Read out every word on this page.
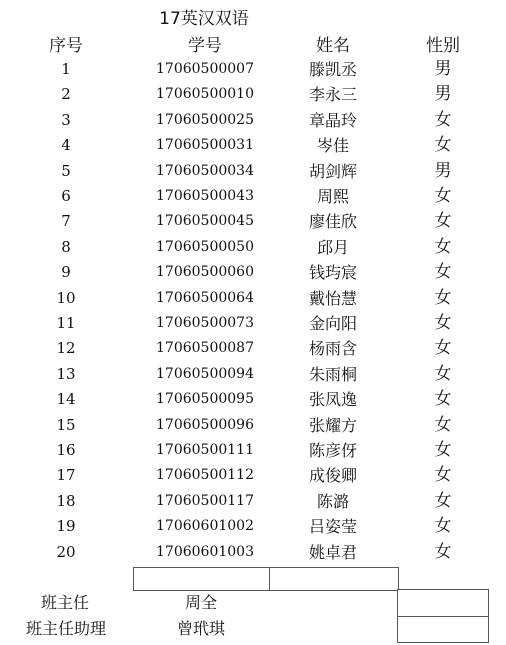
17英汉双语
序号	学号	姓名	性别
1	17060500007	滕凯丞	男
2	17060500010	李永三	男
3	17060500025	章晶玲	女
4	17060500031	岑佳	女
5	17060500034	胡剑辉	男
6	17060500043	周熙	女
7	17060500045	廖佳欣	女
8	17060500050	邱月	女
9	17060500060	钱玙宸	女
10	17060500064	戴怡慧	女
11	17060500073	金向阳	女
12	17060500087	杨雨含	女
13	17060500094	朱雨桐	女
14	17060500095	张凤逸	女
15	17060500096	张耀方	女
16	17060500111	陈彦伢	女
17	17060500112	成俊卿	女
18	17060500117	陈潞	女
19	17060601002	吕姿莹	女
20	17060601003	姚卓君	女
班主任	周全
班主任助理	曾玳琪
